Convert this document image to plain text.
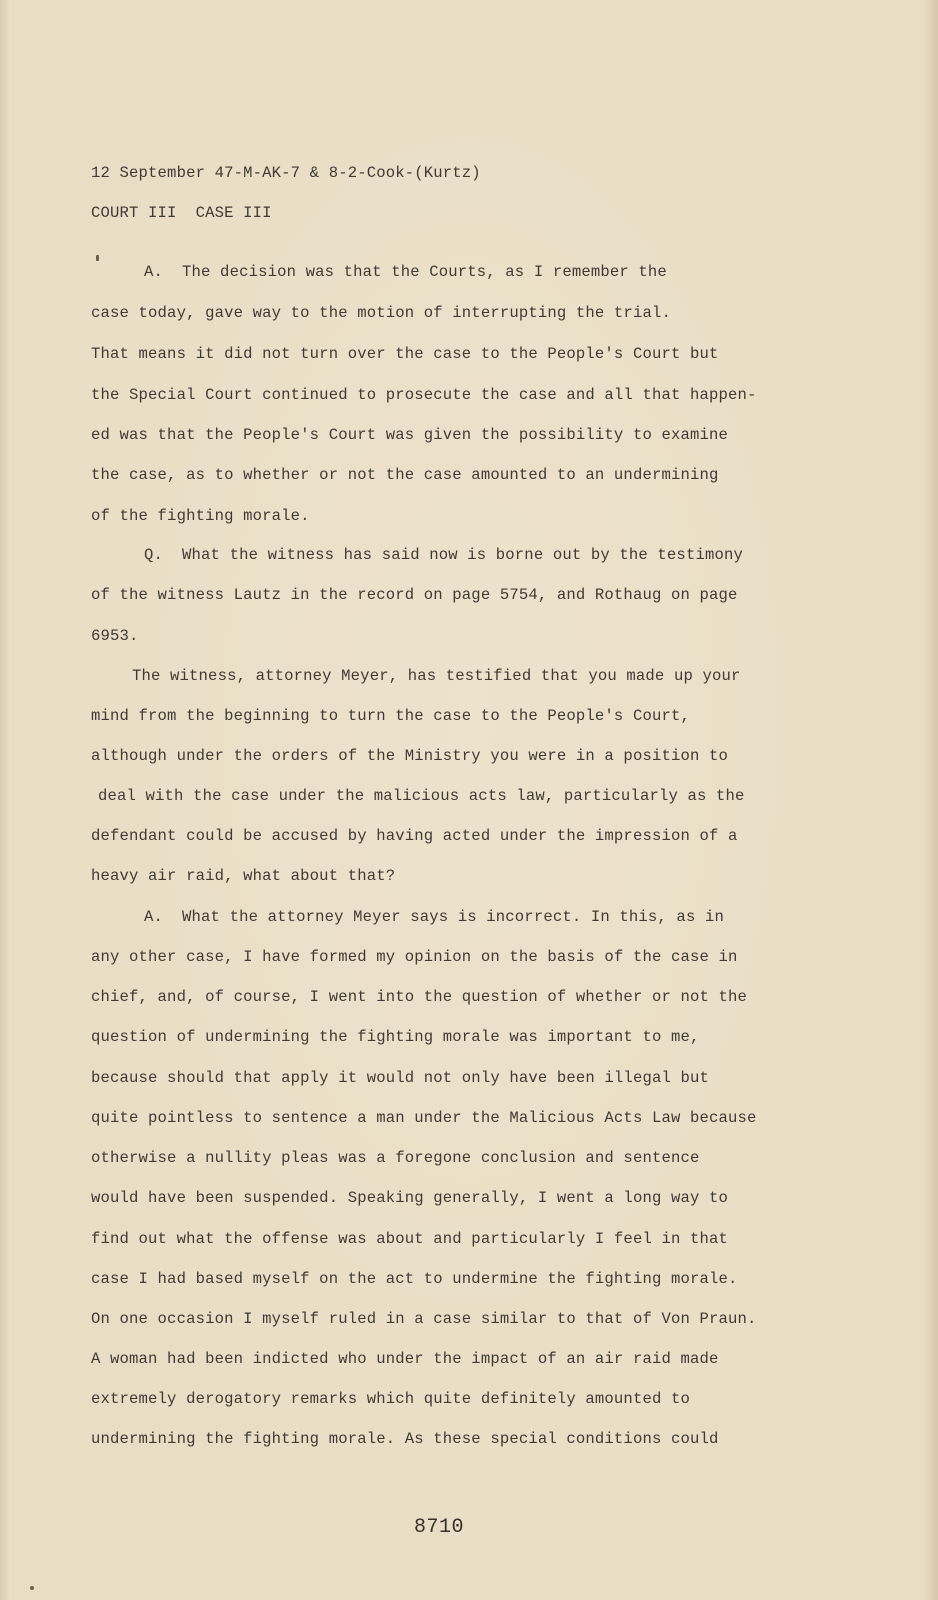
12 September 47-M-AK-7 & 8-2-Cook-(Kurtz)
COURT III  CASE III
A.  The decision was that the Courts, as I remember the
case today, gave way to the motion of interrupting the trial.
That means it did not turn over the case to the People's Court but
the Special Court continued to prosecute the case and all that happen-
ed was that the People's Court was given the possibility to examine
the case, as to whether or not the case amounted to an undermining
of the fighting morale.
Q.  What the witness has said now is borne out by the testimony
of the witness Lautz in the record on page 5754, and Rothaug on page
6953.
The witness, attorney Meyer, has testified that you made up your
mind from the beginning to turn the case to the People's Court,
although under the orders of the Ministry you were in a position to
deal with the case under the malicious acts law, particularly as the
defendant could be accused by having acted under the impression of a
heavy air raid, what about that?
A.  What the attorney Meyer says is incorrect. In this, as in
any other case, I have formed my opinion on the basis of the case in
chief, and, of course, I went into the question of whether or not the
question of undermining the fighting morale was important to me,
because should that apply it would not only have been illegal but
quite pointless to sentence a man under the Malicious Acts Law because
otherwise a nullity pleas was a foregone conclusion and sentence
would have been suspended. Speaking generally, I went a long way to
find out what the offense was about and particularly I feel in that
case I had based myself on the act to undermine the fighting morale.
On one occasion I myself ruled in a case similar to that of Von Praun.
A woman had been indicted who under the impact of an air raid made
extremely derogatory remarks which quite definitely amounted to
undermining the fighting morale. As these special conditions could
8710
